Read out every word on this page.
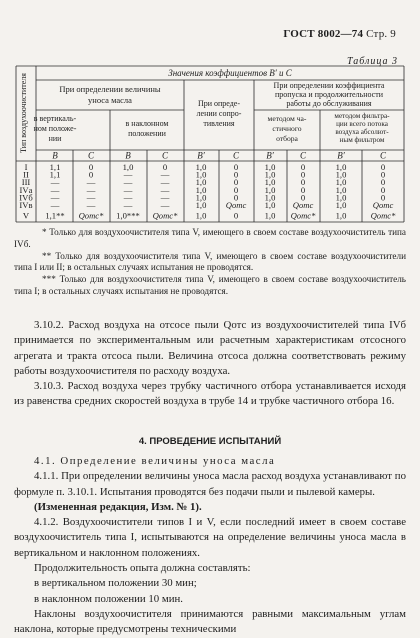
ГОСТ 8002—74 Стр. 9
Таблица 3
Тип воздухоочистителя
Значения коэффициентов B′ и C
При определении величины
уноса масла
в вертикаль-
ном положе-
нии
в наклонном
положении
При опреде-
лении сопро-
тивления
При определении коэффициента
пропуска и продолжительности
работы до обслуживания
методом ча-
стичного
отбора
методом фильтра-
ции всего потока
воздуха абсолют-
ным фильтром
B	C	B	C	B′	C	B′	C	B′	C
I	1,1	0	1,0	0	1,0	0	1,0	0	1,0	0
II 1,1	0	—	—	1,0	0	1,0	0	1,0	0
III —	—	—	—	1,0	0	1,0	0	1,0	0
IVа —	—	—	—	1,0	0	1,0	0	1,0	0
IVб —	—	—	—	1,0	0	1,0	0	1,0	0
IVв —	—	—	—	1,0 Qотс 1,0 Qотс	1,0	Qотс
V 1,1** Qотс* 1,0*** Qотс* 1,0	0	1,0 Qотс* 1,0	Qотс*

* Только для воздухоочистителя типа V, имеющего в своем составе воздухоочиститель типа IVб.

** Только для воздухоочистителя типа V, имеющего в своем составе воздухоочистители типа I или II; в остальных случаях испытания не проводятся.

*** Только для воздухоочистителя типа V, имеющего в своем составе воздухоочиститель типа I; в остальных случаях испытания не проводятся.

3.10.2. Расход воздуха на отсосе пыли Qотс из воздухоочистителей типа IVб принимается по экспериментальным или расчетным характеристикам отсосного агрегата и тракта отсоса пыли. Величина отсоса должна соответствовать режиму работы воздухоочистителя по расходу воздуха.

3.10.3. Расход воздуха через трубку частичного отбора устанавливается исходя из равенства средних скоростей воздуха в трубе 14 и трубке частичного отбора 16.

4. ПРОВЕДЕНИЕ ИСПЫТАНИЙ

4.1. Определение величины уноса масла

4.1.1. При определении величины уноса масла расход воздуха устанавливают по формуле п. 3.10.1. Испытания проводятся без подачи пыли и пылевой камеры.

(Измененная редакция, Изм. № 1).

4.1.2. Воздухоочистители типов I и V, если последний имеет в своем составе воздухоочиститель типа I, испытываются на определение величины уноса масла в вертикальном и наклонном положениях.

Продолжительность опыта должна составлять:

в вертикальном положении 30 мин;

в наклонном положении 10 мин.

Наклоны воздухоочистителя принимаются равными максимальным углам наклона, которые предусмотрены техническими
